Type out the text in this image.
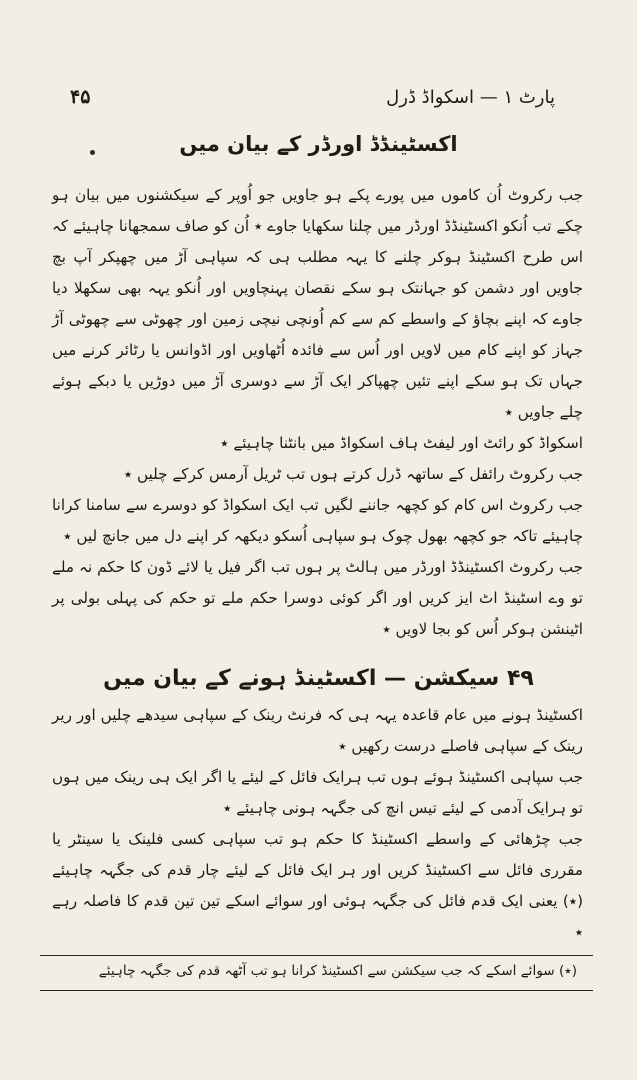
۴۵	پارٹ ۱ — اسکواڈ ڈرل
اکسٹینڈڈ اورڈر کے بیان میں

جب رکروٹ اُن کاموں میں پورے پکے ہو جاویں جو اُوپر کے سیکشنوں میں بیان ہو چکے تب اُنکو اکسٹینڈڈ اورڈر میں چلنا سکھایا جاوے ٭ اُن کو صاف سمجھانا چاہیئے کہ اس طرح اکسٹینڈ ہوکر چلنے کا یہہ مطلب ہی کہ سپاہی آڑ میں چھپکر آپ بچ جاویں اور دشمن کو جہانتک ہو سکے نقصان پہنچاویں اور اُنکو یہہ بھی سکھلا دیا جاوے کہ اپنے بچاؤ کے واسطے کم سے کم اُونچی نیچی زمین اور چھوٹی سے چھوٹی آڑ جہاز کو اپنے کام میں لاویں اور اُس سے فائدہ اُٹھاویں اور اڈوانس یا رٹائر کرنے میں جہاں تک ہو سکے اپنے تئیں چھپاکر ایک آڑ سے دوسری آڑ میں دوڑیں یا دبکے ہوئے چلے جاویں ٭

اسکواڈ کو رائٹ اور لیفٹ ہاف اسکواڈ میں بانٹنا چاہیئے ٭

جب رکروٹ رائفل کے ساتھہ ڈرل کرتے ہوں تب ٹریل آرمس کرکے چلیں ٭

جب رکروٹ اس کام کو کچھہ جاننے لگیں تب ایک اسکواڈ کو دوسرے سے سامنا کرانا چاہیئے تاکہ جو کچھہ بھول چوک ہو سپاہی اُسکو دیکھہ کر اپنے دل میں جانچ لیں ٭

جب رکروٹ اکسٹینڈڈ اورڈر میں ہالٹ پر ہوں تب اگر فیل یا لائے ڈون کا حکم نہ ملے تو وے اسٹینڈ اٹ ایز کریں اور اگر کوئی دوسرا حکم ملے تو حکم کی پہلی بولی پر اٹینشن ہوکر اُس کو بجا لاویں ٭

۴۹ سیکشن — اکسٹینڈ ہونے کے بیان میں

اکسٹینڈ ہونے میں عام قاعدہ یہہ ہی کہ فرنٹ رینک کے سپاہی سیدھے چلیں اور ریر رینک کے سپاہی فاصلے درست رکھیں ٭

جب سپاہی اکسٹینڈ ہوئے ہوں تب ہرایک فائل کے لیئے یا اگر ایک ہی رینک میں ہوں تو ہرایک آدمی کے لیئے تیس انچ کی جگہہ ہونی چاہیئے ٭

جب چڑھائی کے واسطے اکسٹینڈ کا حکم ہو تب سپاہی کسی فلینک یا سینٹر یا مقرری فائل سے اکسٹینڈ کریں اور ہر ایک فائل کے لیئے چار قدم کی جگہہ چاہیئے (٭) یعنی ایک قدم فائل کی جگہہ ہوئی اور سوائے اسکے تین تین قدم کا فاصلہ رہے ٭

(٭) سوائے اسکے کہ جب سیکشن سے اکسٹینڈ کرانا ہو تب آٹھہ قدم کی جگہہ چاہیئے
